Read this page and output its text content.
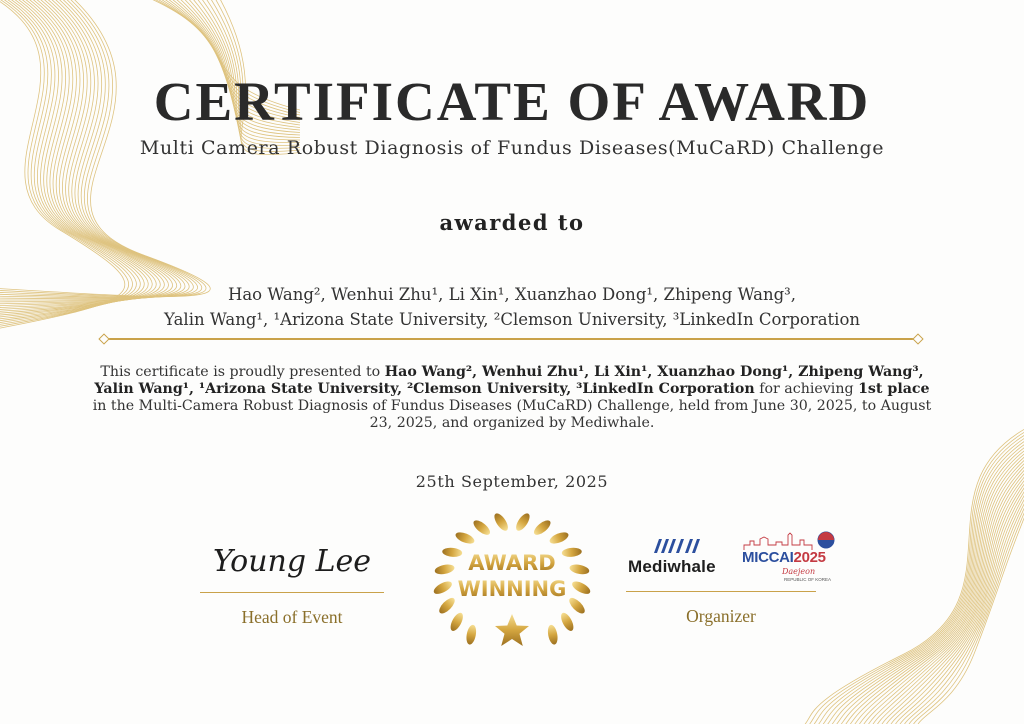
CERTIFICATE OF AWARD
Multi Camera Robust Diagnosis of Fundus Diseases(MuCaRD) Challenge
awarded to
Hao Wang², Wenhui Zhu¹, Li Xin¹, Xuanzhao Dong¹, Zhipeng Wang³,
Yalin Wang¹, ¹Arizona State University, ²Clemson University, ³LinkedIn Corporation
This certificate is proudly presented to Hao Wang², Wenhui Zhu¹, Li Xin¹, Xuanzhao Dong¹, Zhipeng Wang³, Yalin Wang¹, ¹Arizona State University, ²Clemson University, ³LinkedIn Corporation for achieving 1st place in the Multi-Camera Robust Diagnosis of Fundus Diseases (MuCaRD) Challenge, held from June 30, 2025, to August 23, 2025, and organized by Mediwhale.
25th September, 2025
Young Lee
Head of Event
AWARD
WINNING
Mediwhale MICCAI2025
Daejeon
REPUBLIC OF KOREA
Organizer
